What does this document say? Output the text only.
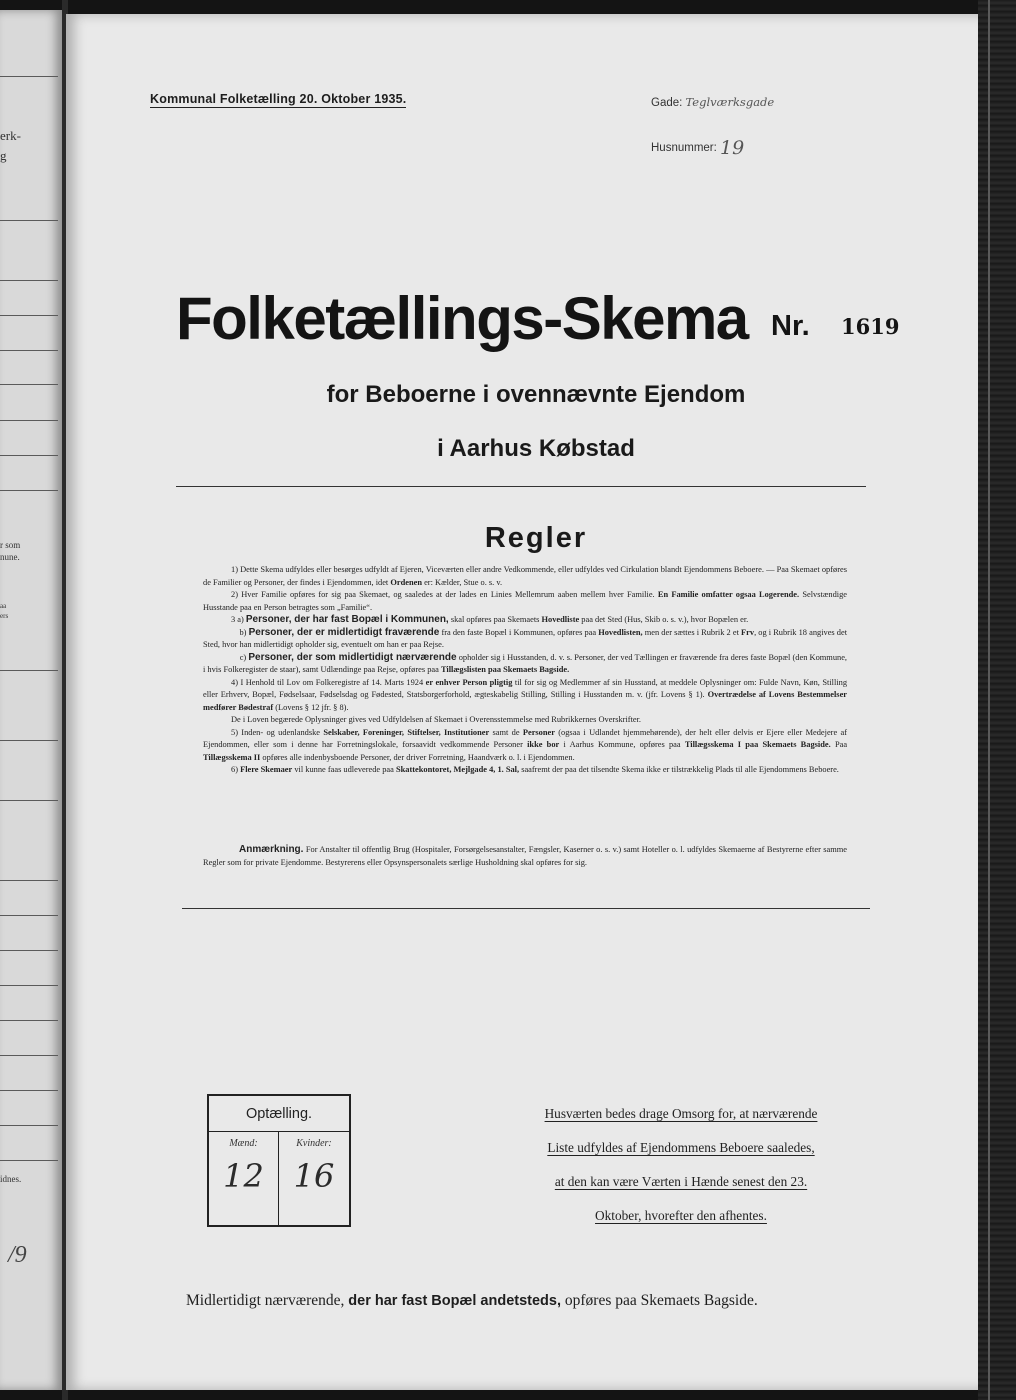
erk-
g
r som
nune.
aa
ers
idnes.
/9
Kommunal Folketælling 20. Oktober 1935.	Gade: Teglværksgade
Husnummer: 19
Folketællings-Skema Nr. 1619
for Beboerne i ovennævnte Ejendom
i Aarhus Købstad
Regler

1) Dette Skema udfyldes eller besørges udfyldt af Ejeren, Viceværten eller andre Vedkommende, eller udfyldes ved Cirkulation blandt Ejendommens Beboere. — Paa Skemaet opføres de Familier og Personer, der findes i Ejendommen, idet Ordenen er: Kælder, Stue o. s. v.

2) Hver Familie opføres for sig paa Skemaet, og saaledes at der lades en Linies Mellemrum aaben mellem hver Familie. En Familie omfatter ogsaa Logerende. Selvstændige Husstande paa en Person betragtes som „Familie“.

3 a) Personer, der har fast Bopæl i Kommunen, skal opføres paa Skemaets Hovedliste paa det Sted (Hus, Skib o. s. v.), hvor Bopælen er.

b) Personer, der er midlertidigt fraværende fra den faste Bopæl i Kommunen, opføres paa Hovedlisten, men der sættes i Rubrik 2 et Frv, og i Rubrik 18 angives det Sted, hvor han midlertidigt opholder sig, eventuelt om han er paa Rejse.

c) Personer, der som midlertidigt nærværende opholder sig i Husstanden, d. v. s. Personer, der ved Tællingen er fraværende fra deres faste Bopæl (den Kommune, i hvis Folkeregister de staar), samt Udlændinge paa Rejse, opføres paa Tillægslisten paa Skemaets Bagside.

4) I Henhold til Lov om Folkeregistre af 14. Marts 1924 er enhver Person pligtig til for sig og Medlemmer af sin Husstand, at meddele Oplysninger om: Fulde Navn, Køn, Stilling eller Erhverv, Bopæl, Fødselsaar, Fødselsdag og Fødested, Statsborgerforhold, ægteskabelig Stilling, Stilling i Husstanden m. v. (jfr. Lovens § 1). Overtrædelse af Lovens Bestemmelser medfører Bødestraf (Lovens § 12 jfr. § 8).

De i Loven begærede Oplysninger gives ved Udfyldelsen af Skemaet i Overensstemmelse med Rubrikkernes Overskrifter.

5) Inden- og udenlandske Selskaber, Foreninger, Stiftelser, Institutioner samt de Personer (ogsaa i Udlandet hjemmehørende), der helt eller delvis er Ejere eller Medejere af Ejendommen, eller som i denne har Forretningslokale, forsaavidt vedkommende Personer ikke bor i Aarhus Kommune, opføres paa Tillægsskema I paa Skemaets Bagside. Paa Tillægsskema II opføres alle indenbysboende Personer, der driver Forretning, Haandværk o. l. i Ejendommen.

6) Flere Skemaer vil kunne faas udleverede paa Skattekontoret, Mejlgade 4, 1. Sal, saafremt der paa det tilsendte Skema ikke er tilstrækkelig Plads til alle Ejendommens Beboere.

Anmærkning. For Anstalter til offentlig Brug (Hospitaler, Forsørgelsesanstalter, Fængsler, Kaserner o. s. v.) samt Hoteller o. l. udfyldes Skemaerne af Bestyrerne efter samme Regler som for private Ejendomme. Bestyrerens eller Opsynspersonalets særlige Husholdning skal opføres for sig.

Optælling.
Mænd:
12
Kvinder:
16
Husværten bedes drage Omsorg for, at nærværende
Liste udfyldes af Ejendommens Beboere saaledes,
at den kan være Værten i Hænde senest den 23.
Oktober, hvorefter den afhentes.
Midlertidigt nærværende, der har fast Bopæl andetsteds, opføres paa Skemaets Bagside.
